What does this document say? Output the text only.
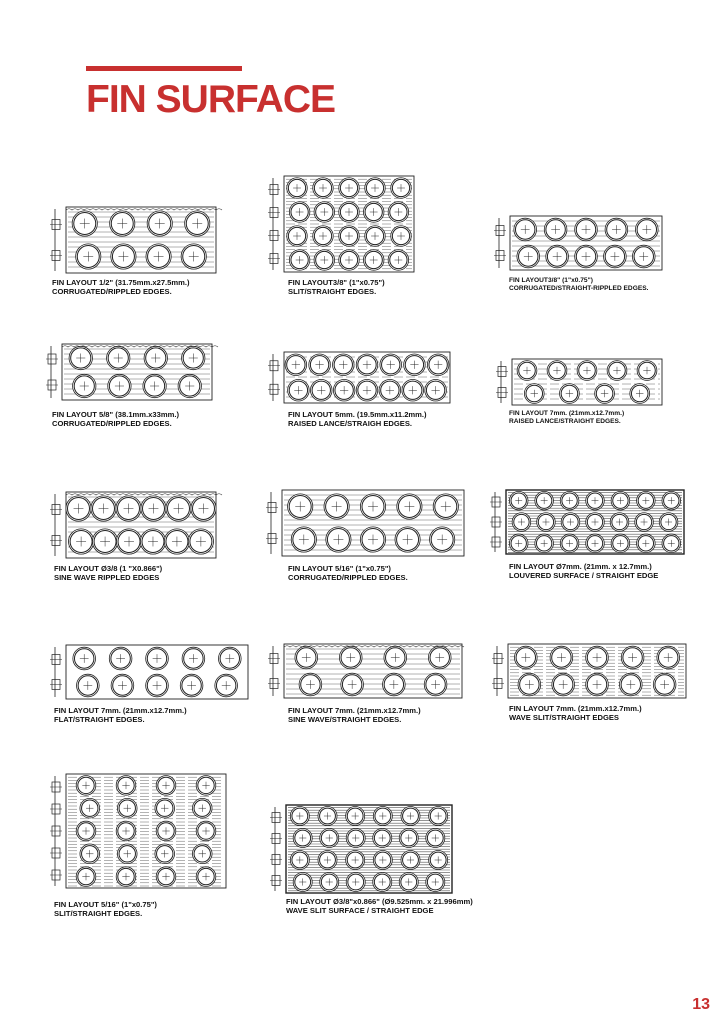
FIN SURFACE
FIN LAYOUT 1/2" (31.75mm.x27.5mm.)
CORRUGATED/RIPPLED EDGES.
FIN LAYOUT3/8" (1"x0.75")
SLIT/STRAIGHT EDGES.
FIN LAYOUT3/8" (1"x0.75")
CORRUGATED/STRAIGHT-RIPPLED EDGES.
FIN LAYOUT 5/8" (38.1mm.x33mm.)
CORRUGATED/RIPPLED EDGES.
FIN LAYOUT 5mm. (19.5mm.x11.2mm.)
RAISED LANCE/STRAIGH EDGES.
FIN LAYOUT 7mm. (21mm.x12.7mm.)
RAISED LANCE/STRAIGHT EDGES.
FIN LAYOUT Ø3/8 (1 "X0.866")
SINE WAVE RIPPLED EDGES
FIN LAYOUT 5/16" (1"x0.75")
CORRUGATED/RIPPLED EDGES.
FIN LAYOUT Ø7mm. (21mm. x 12.7mm.)
LOUVERED SURFACE / STRAIGHT EDGE
FIN LAYOUT 7mm. (21mm.x12.7mm.)
FLAT/STRAIGHT EDGES.
FIN LAYOUT 7mm. (21mm.x12.7mm.)
SINE WAVE/STRAIGHT EDGES.
FIN LAYOUT 7mm. (21mm.x12.7mm.)
WAVE SLIT/STRAIGHT EDGES
FIN LAYOUT 5/16" (1"x0.75")
SLIT/STRAIGHT EDGES.
FIN LAYOUT Ø3/8"x0.866" (Ø9.525mm. x 21.996mm)
WAVE SLIT SURFACE / STRAIGHT EDGE
13
